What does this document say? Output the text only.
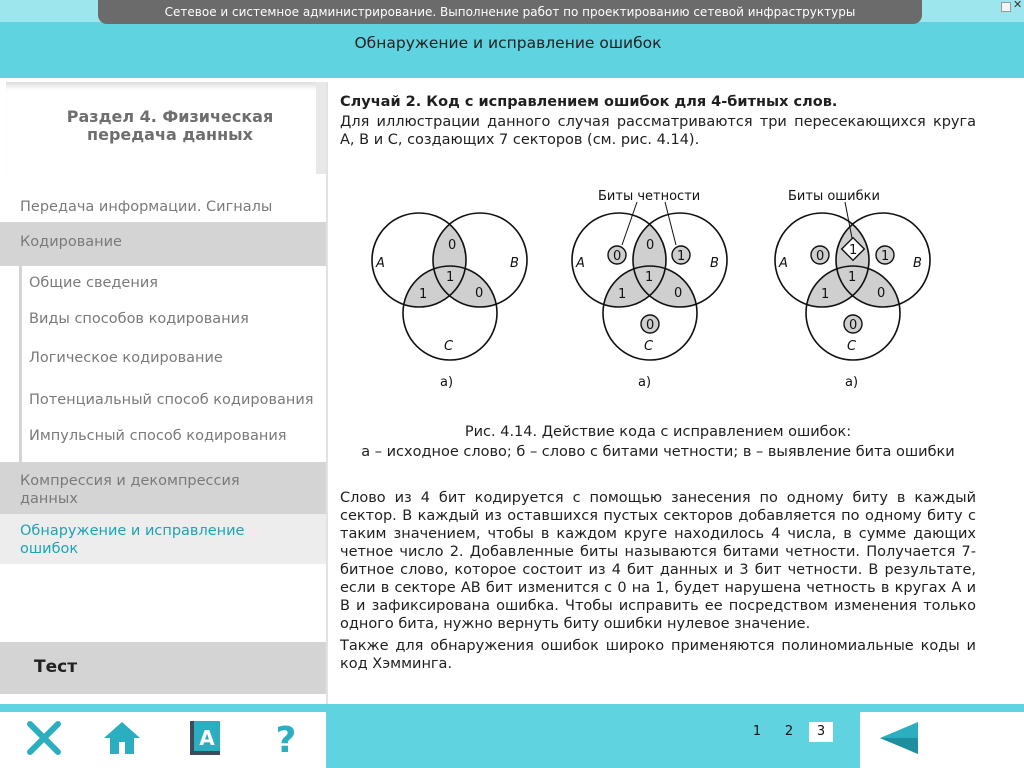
Сетевое и системное администрирование. Выполнение работ по проектированию сетевой инфраструктуры
✕
Обнаружение и исправление ошибок
Раздел 4. Физическая
передача данных
Передача информации. Сигналы
Кодирование
Общие сведения
Виды способов кодирования
Логическое кодирование
Потенциальный способ кодирования
Импульсный способ кодирования
Компрессия и декомпрессия данных
Обнаружение и исправление ошибок
Тест
Случай 2. Код с исправлением ошибок для 4-битных слов.
Для иллюстрации данного случая рассматриваются три пересекающихся круга A, B и C, создающих 7 секторов (см. рис. 4.14).
A	B
C
0
1
1	0
а)
Биты четности
A	B
C
0
1
1	0
0	1
0
а)
Биты ошибки
A	B
C
1
1
1	0
0	1
0
а)
Рис. 4.14. Действие кода с исправлением ошибок:
а – исходное слово; б – слово с битами четности; в – выявление бита ошибки

Слово из 4 бит кодируется с помощью занесения по одному биту в каждый сектор. В каждый из оставшихся пустых секторов добавляется по одному биту с таким значением, чтобы в каждом круге находилось 4 числа, в сумме дающих четное число 2. Добавленные биты называются битами четности. Получается 7-битное слово, которое состоит из 4 бит данных и 3 бит четности. В результате, если в секторе AB бит изменится с 0 на 1, будет нарушена четность в кругах A и B и зафиксирована ошибка. Чтобы исправить ее посредством изменения только одного бита, нужно вернуть биту ошибки нулевое значение.

Также для обнаружения ошибок широко применяются полиномиальные коды и код Хэмминга.

A ?	1	2	3
